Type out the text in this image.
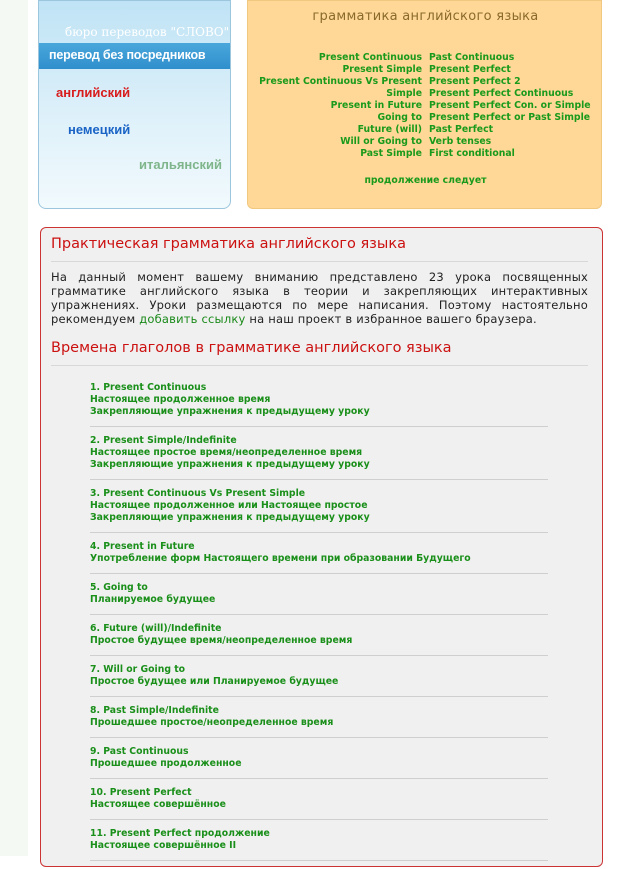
бюро переводов "СЛОВО"
перевод без посредников
английский
немецкий
итальянский
грамматика английского языка
Present Continuous
Present Simple
Present Continuous Vs Present
Simple
Present in Future
Going to
Future (will)
Will or Going to
Past Simple
Past Continuous
Present Perfect
Present Perfect 2
Present Perfect Continuous
Present Perfect Con. or Simple
Present Perfect or Past Simple
Past Perfect
Verb tenses
First conditional
продолжение следует
Практическая грамматика английского языка

На данный момент вашему вниманию представлено 23 урока посвященных грамматике английского языка в теории и закрепляющих интерактивных упражнениях. Уроки размещаются по мере написания. Поэтому настоятельно рекомендуем добавить ссылку на наш проект в избранное вашего браузера.

Времена глаголов в грамматике английского языка
1. Present Continuous
Настоящее продолженное время
Закрепляющие упражнения к предыдущему уроку
2. Present Simple/Indefinite
Настоящее простое время/неопределенное время
Закрепляющие упражнения к предыдущему уроку
3. Present Continuous Vs Present Simple
Настоящее продолженное или Настоящее простое
Закрепляющие упражнения к предыдущему уроку
4. Present in Future
Употребление форм Настоящего времени при образовании Будущего
5. Going to
Планируемое будущее
6. Future (will)/Indefinite
Простое будущее время/неопределенное время
7. Will or Going to
Простое будущее или Планируемое будущее
8. Past Simple/Indefinite
Прошедшее простое/неопределенное время
9. Past Continuous
Прошедшее продолженное
10. Present Perfect
Настоящее совершённое
11. Present Perfect продолжение
Настоящее совершённое II
